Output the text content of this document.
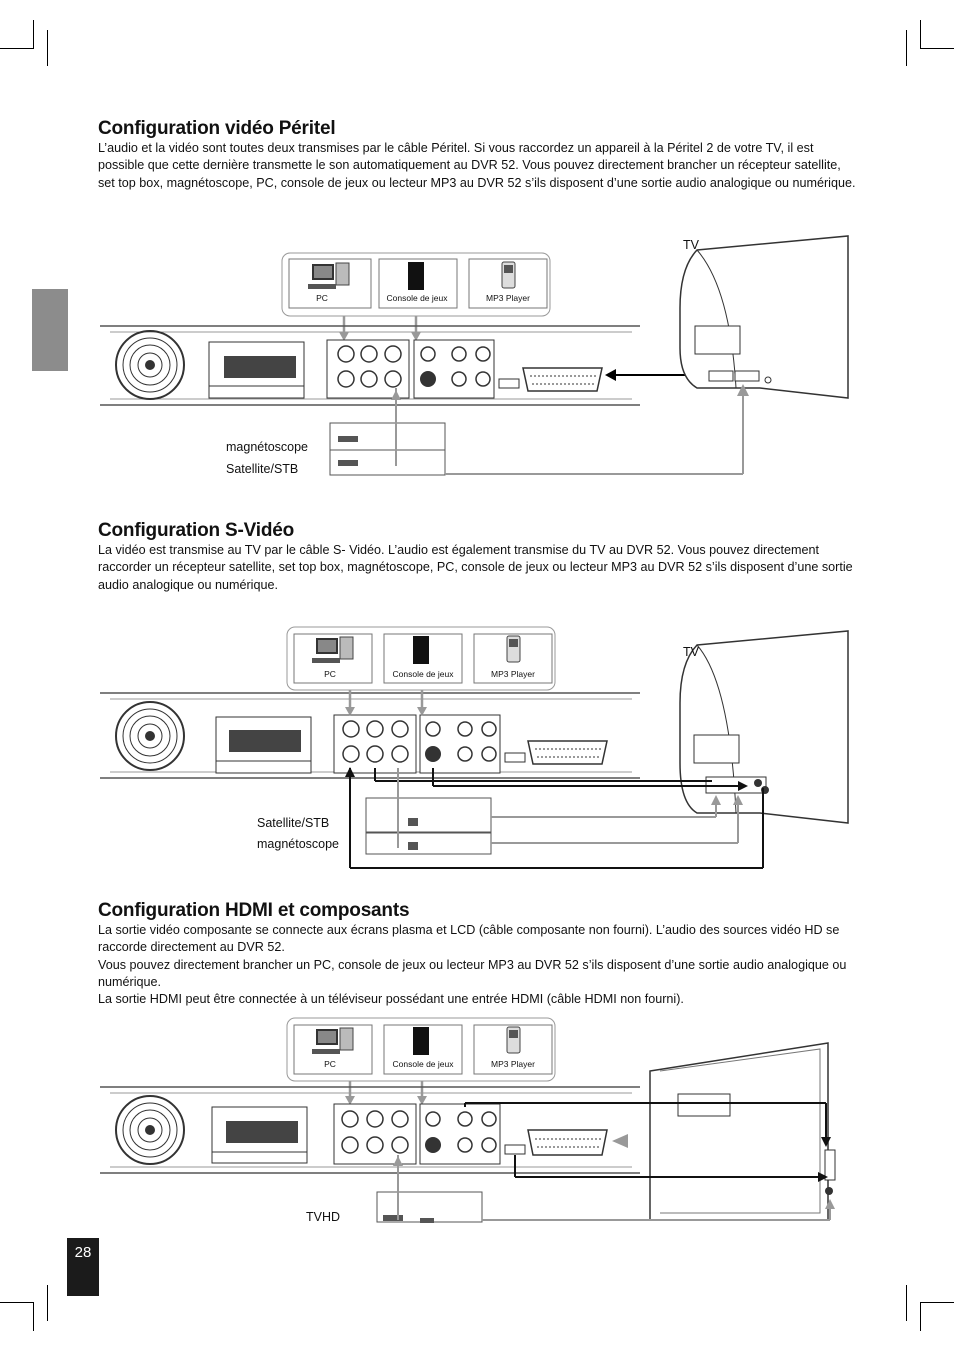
28
Configuration vidéo Péritel

L’audio et la vidéo sont toutes deux transmises par le câble Péritel. Si vous raccordez un appareil à la Péritel 2 de votre TV, il est possible que cette dernière transmette le son automatiquement au DVR 52. Vous pouvez directement brancher un récepteur satellite, set top box, magnétoscope, PC, console de jeux ou lecteur MP3 au DVR 52 s’ils disposent d’une sortie audio analogique ou numérique.

PC	Console de jeux	MP3 Player
TV
magnétoscope
Satellite/STB
Configuration S-Vidéo

La vidéo est transmise au TV par le câble S- Vidéo. L’audio est également transmise du TV au DVR 52. Vous pouvez directement raccorder un récepteur satellite, set top box, magnétoscope, PC, console de jeux ou lecteur MP3 au DVR 52 s’ils disposent d’une sortie audio analogique ou numérique.

PC	Console de jeux	MP3 Player
TV
Satellite/STB
magnétoscope
Configuration HDMI et composants

La sortie vidéo composante se connecte aux écrans plasma et LCD (câble composante non fourni). L’audio des sources vidéo HD se raccorde directement au DVR 52.

Vous pouvez directement brancher un PC, console de jeux ou lecteur MP3 au DVR 52 s’ils disposent d’une sortie audio analogique ou numérique.

La sortie HDMI peut être connectée à un téléviseur possédant une entrée HDMI (câble HDMI non fourni).

PC	Console de jeux	MP3 Player
TVHD
